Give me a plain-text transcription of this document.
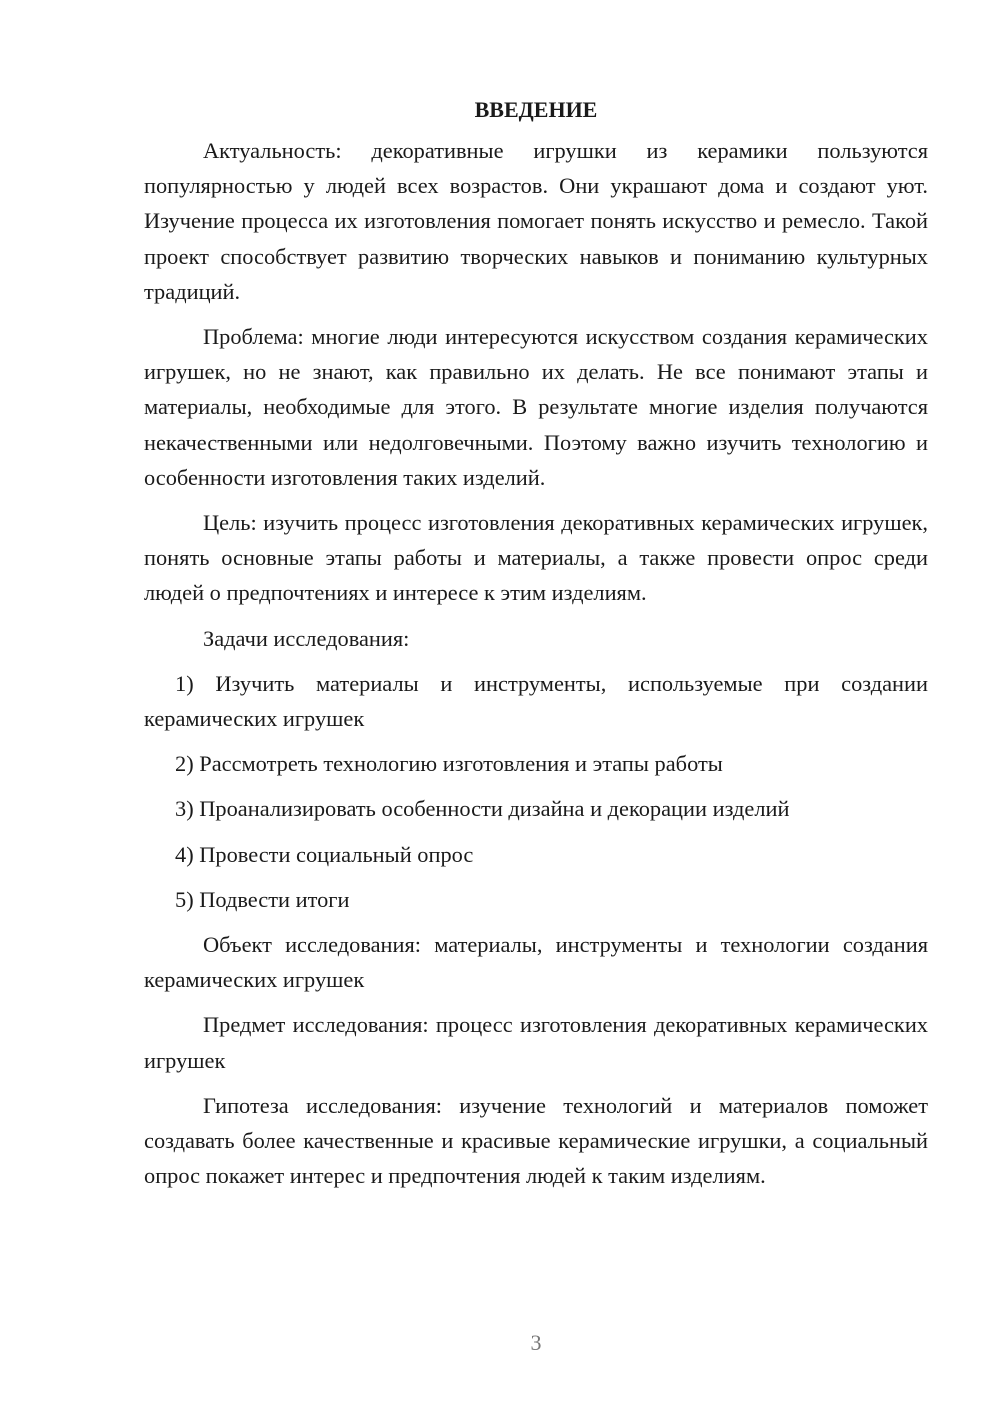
ВВЕДЕНИЕ

Актуальность: декоративные игрушки из керамики пользуются популярностью у людей всех возрастов. Они украшают дома и создают уют. Изучение процесса их изготовления помогает понять искусство и ремесло. Такой проект способствует развитию творческих навыков и пониманию культурных традиций.

Проблема: многие люди интересуются искусством создания керамических игрушек, но не знают, как правильно их делать. Не все понимают этапы и материалы, необходимые для этого. В результате многие изделия получаются некачественными или недолговечными. Поэтому важно изучить технологию и особенности изготовления таких изделий.

Цель: изучить процесс изготовления декоративных керамических игрушек, понять основные этапы работы и материалы, а также провести опрос среди людей о предпочтениях и интересе к этим изделиям.

Задачи исследования:

1) Изучить материалы и инструменты, используемые при создании керамических игрушек

2) Рассмотреть технологию изготовления и этапы работы

3) Проанализировать особенности дизайна и декорации изделий

4) Провести социальный опрос

5) Подвести итоги

Объект исследования: материалы, инструменты и технологии создания керамических игрушек

Предмет исследования: процесс изготовления декоративных керамических игрушек

Гипотеза исследования: изучение технологий и материалов поможет создавать более качественные и красивые керамические игрушки, а социальный опрос покажет интерес и предпочтения людей к таким изделиям.

3
